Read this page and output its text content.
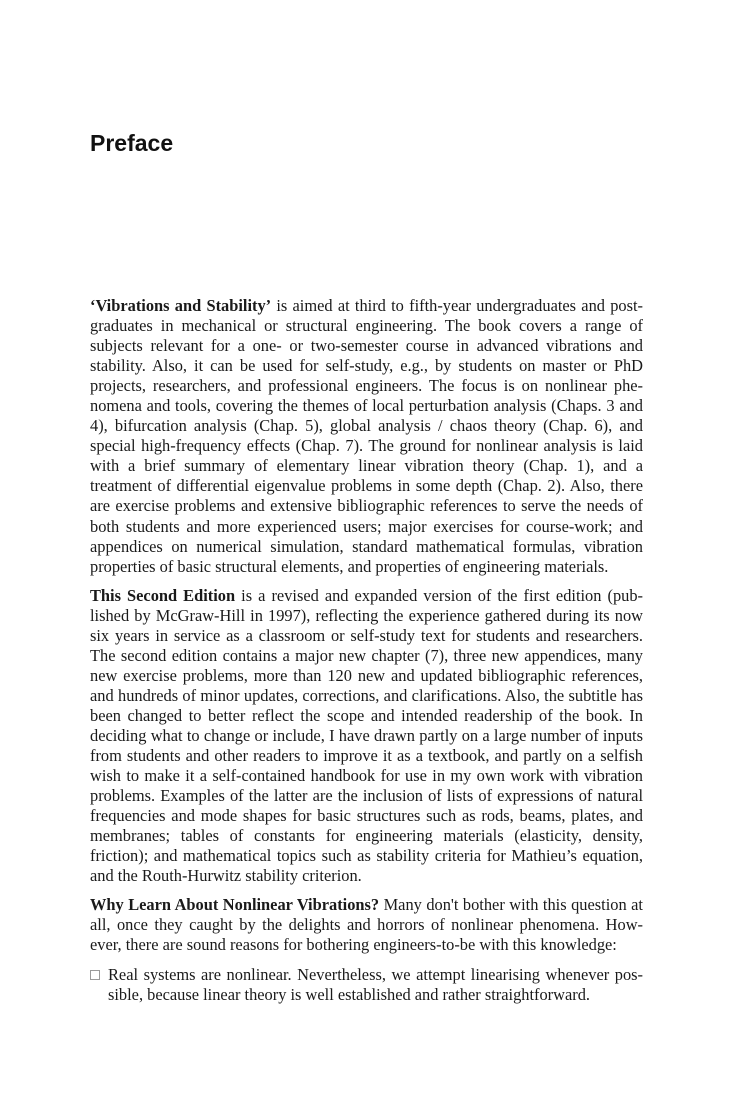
Preface

‘Vibrations and Stability’ is aimed at third to fifth-year undergraduates and post-graduates in mechanical or structural engineering. The book covers a range of subjects relevant for a one- or two-semester course in advanced vibrations and stability. Also, it can be used for self-study, e.g., by students on master or PhD projects, researchers, and professional engineers. The focus is on nonlinear phe-nomena and tools, covering the themes of local perturbation analysis (Chaps. 3 and 4), bifurcation analysis (Chap. 5), global analysis / chaos theory (Chap. 6), and special high-frequency effects (Chap. 7). The ground for nonlinear analysis is laid with a brief summary of elementary linear vibration theory (Chap. 1), and a treatment of differential eigenvalue problems in some depth (Chap. 2). Also, there are exercise problems and extensive bibliographic references to serve the needs of both students and more experienced users; major exercises for course-work; and appendices on numerical simulation, standard mathematical formulas, vibration properties of basic structural elements, and properties of engineering materials.

This Second Edition is a revised and expanded version of the first edition (pub-lished by McGraw-Hill in 1997), reflecting the experience gathered during its now six years in service as a classroom or self-study text for students and researchers. The second edition contains a major new chapter (7), three new appendices, many new exercise problems, more than 120 new and updated bibliographic references, and hundreds of minor updates, corrections, and clarifications. Also, the subtitle has been changed to better reflect the scope and intended readership of the book. In deciding what to change or include, I have drawn partly on a large number of inputs from students and other readers to improve it as a textbook, and partly on a selfish wish to make it a self-contained handbook for use in my own work with vibration problems. Examples of the latter are the inclusion of lists of expressions of natural frequencies and mode shapes for basic structures such as rods, beams, plates, and membranes; tables of constants for engineering materials (elasticity, density, friction); and mathematical topics such as stability criteria for Mathieu’s equation, and the Routh-Hurwitz stability criterion.

Why Learn About Nonlinear Vibrations? Many don't bother with this question at all, once they caught by the delights and horrors of nonlinear phenomena. How-ever, there are sound reasons for bothering engineers-to-be with this knowledge:

Real systems are nonlinear. Nevertheless, we attempt linearising whenever pos-sible, because linear theory is well established and rather straightforward.
